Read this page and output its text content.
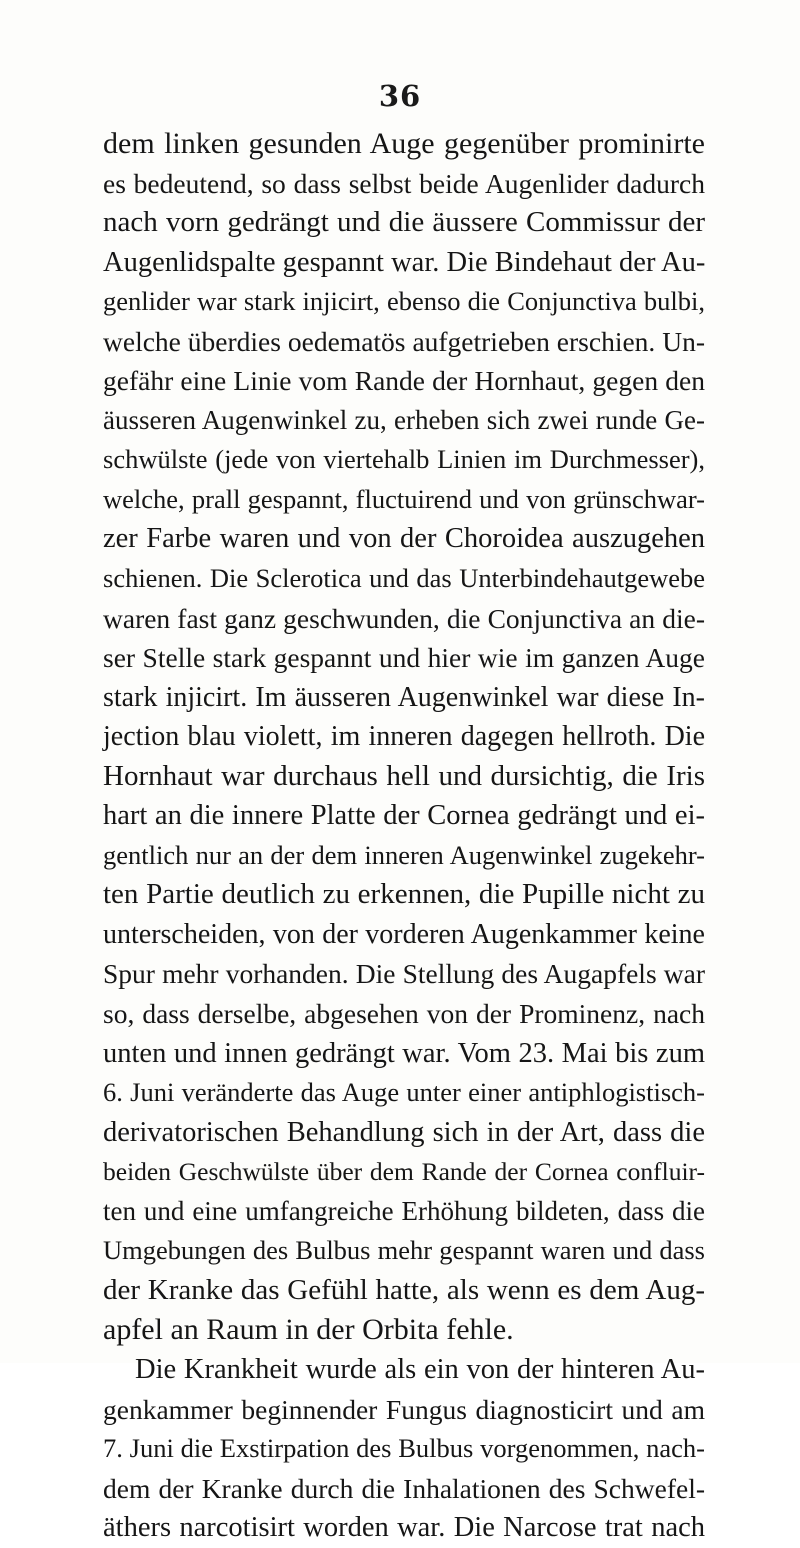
36
dem linken gesunden Auge gegenüber prominirte
es bedeutend, so dass selbst beide Augenlider dadurch
nach vorn gedrängt und die äussere Commissur der
Augenlidspalte gespannt war. Die Bindehaut der Au-
genlider war stark injicirt, ebenso die Conjunctiva bulbi,
welche überdies oedematös aufgetrieben erschien. Un-
gefähr eine Linie vom Rande der Hornhaut, gegen den
äusseren Augenwinkel zu, erheben sich zwei runde Ge-
schwülste (jede von viertehalb Linien im Durchmesser),
welche, prall gespannt, fluctuirend und von grünschwar-
zer Farbe waren und von der Choroidea auszugehen
schienen. Die Sclerotica und das Unterbindehautgewebe
waren fast ganz geschwunden, die Conjunctiva an die-
ser Stelle stark gespannt und hier wie im ganzen Auge
stark injicirt. Im äusseren Augenwinkel war diese In-
jection blau violett, im inneren dagegen hellroth. Die
Hornhaut war durchaus hell und dursichtig, die Iris
hart an die innere Platte der Cornea gedrängt und ei-
gentlich nur an der dem inneren Augenwinkel zugekehr-
ten Partie deutlich zu erkennen, die Pupille nicht zu
unterscheiden, von der vorderen Augenkammer keine
Spur mehr vorhanden. Die Stellung des Augapfels war
so, dass derselbe, abgesehen von der Prominenz, nach
unten und innen gedrängt war. Vom 23. Mai bis zum
6. Juni veränderte das Auge unter einer antiphlogistisch-
derivatorischen Behandlung sich in der Art, dass die
beiden Geschwülste über dem Rande der Cornea confluir-
ten und eine umfangreiche Erhöhung bildeten, dass die
Umgebungen des Bulbus mehr gespannt waren und dass
der Kranke das Gefühl hatte, als wenn es dem Aug-
apfel an Raum in der Orbita fehle.
Die Krankheit wurde als ein von der hinteren Au-
genkammer beginnender Fungus diagnosticirt und am
7. Juni die Exstirpation des Bulbus vorgenommen, nach-
dem der Kranke durch die Inhalationen des Schwefel-
äthers narcotisirt worden war. Die Narcose trat nach
